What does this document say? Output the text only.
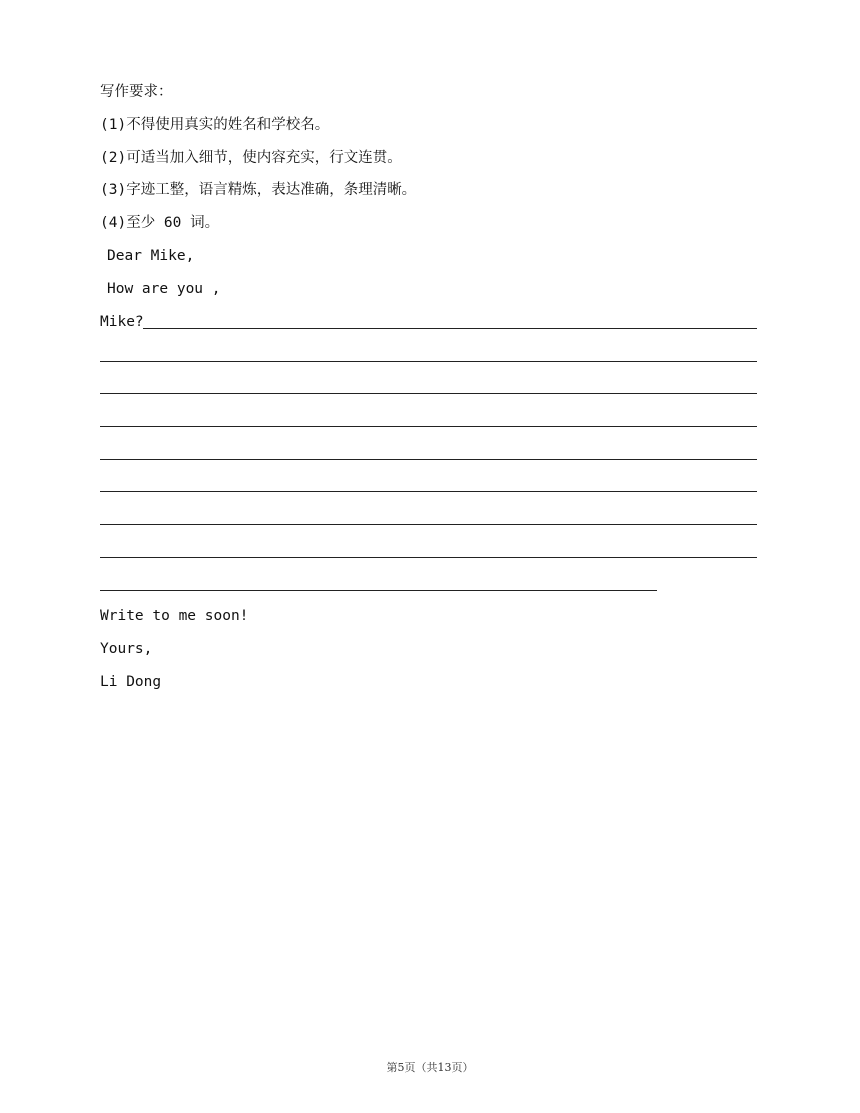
写作要求：
(1)不得使用真实的姓名和学校名。
(2)可适当加入细节，使内容充实，行文连贯。
(3)字迹工整，语言精炼，表达准确，条理清晰。
(4)至少 60 词。
Dear Mike,
How are you ,
Mike?
Write to me soon!
Yours,
Li Dong
第5页（共13页）
